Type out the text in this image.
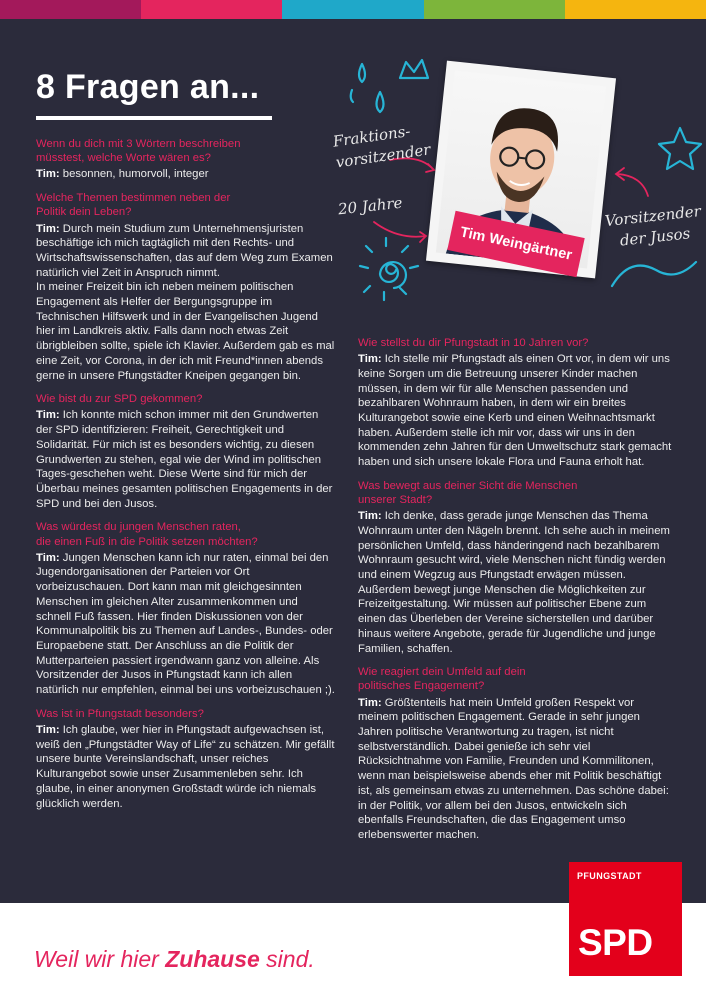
8 Fragen an...
Wenn du dich mit 3 Wörtern beschreiben
müsstest, welche Worte wären es?
Tim: besonnen, humorvoll, integer
Welche Themen bestimmen neben der
Politik dein Leben?
Tim: Durch mein Studium zum Unternehmensjuristen beschäftige ich mich tagtäglich mit den Rechts- und Wirtschaftswissenschaften, das auf dem Weg zum Examen natürlich viel Zeit in Anspruch nimmt.
In meiner Freizeit bin ich neben meinem politischen Engagement als Helfer der Bergungsgruppe im Technischen Hilfswerk und in der Evangelischen Jugend hier im Landkreis aktiv. Falls dann noch etwas Zeit übrigbleiben sollte, spiele ich Klavier. Außerdem gab es mal eine Zeit, vor Corona, in der ich mit Freund*innen abends gerne in unsere Pfungstädter Kneipen gegangen bin.
Wie bist du zur SPD gekommen?
Tim: Ich konnte mich schon immer mit den Grundwerten der SPD identifizieren: Freiheit, Gerechtigkeit und Solidarität. Für mich ist es besonders wichtig, zu diesen Grundwerten zu stehen, egal wie der Wind im politischen Tages-geschehen weht. Diese Werte sind für mich der Überbau meines gesamten politischen Engagements in der SPD und bei den Jusos.
Was würdest du jungen Menschen raten,
die einen Fuß in die Politik setzen möchten?
Tim: Jungen Menschen kann ich nur raten, einmal bei den Jugendorganisationen der Parteien vor Ort vorbeizuschauen. Dort kann man mit gleichgesinnten Menschen im gleichen Alter zusammenkommen und schnell Fuß fassen. Hier finden Diskussionen von der Kommunalpolitik bis zu Themen auf Landes-, Bundes- oder Europaebene statt. Der Anschluss an die Politik der Mutterparteien passiert irgendwann ganz von alleine. Als Vorsitzender der Jusos in Pfungstadt kann ich allen natürlich nur empfehlen, einmal bei uns vorbeizuschauen ;).
Was ist in Pfungstadt besonders?
Tim: Ich glaube, wer hier in Pfungstadt aufgewachsen ist, weiß den „Pfungstädter Way of Life“ zu schätzen. Mir gefällt unsere bunte Vereinslandschaft, unser reiches Kulturangebot sowie unser Zusammenleben sehr. Ich glaube, in einer anonymen Großstadt würde ich niemals glücklich werden.
Wie stellst du dir Pfungstadt in 10 Jahren vor?
Tim: Ich stelle mir Pfungstadt als einen Ort vor, in dem wir uns keine Sorgen um die Betreuung unserer Kinder machen müssen, in dem wir für alle Menschen passenden und bezahlbaren Wohnraum haben, in dem wir ein breites Kulturangebot sowie eine Kerb und einen Weihnachtsmarkt haben. Außerdem stelle ich mir vor, dass wir uns in den kommenden zehn Jahren für den Umweltschutz stark gemacht haben und sich unsere lokale Flora und Fauna erholt hat.
Was bewegt aus deiner Sicht die Menschen
unserer Stadt?
Tim: Ich denke, dass gerade junge Menschen das Thema Wohnraum unter den Nägeln brennt. Ich sehe auch in meinem persönlichen Umfeld, dass händeringend nach bezahlbarem Wohnraum gesucht wird, viele Menschen nicht fündig werden und einem Wegzug aus Pfungstadt erwägen müssen. Außerdem bewegt junge Menschen die Möglichkeiten zur Freizeitgestaltung. Wir müssen auf politischer Ebene zum einen das Überleben der Vereine sicherstellen und darüber hinaus weitere Angebote, gerade für Jugendliche und junge Familien, schaffen.
Wie reagiert dein Umfeld auf dein
politisches Engagement?
Tim: Größtenteils hat mein Umfeld großen Respekt vor meinem politischen Engagement. Gerade in sehr jungen Jahren politische Verantwortung zu tragen, ist nicht selbstverständlich. Dabei genieße ich sehr viel Rücksichtnahme von Familie, Freunden und Kommilitonen, wenn man beispielsweise abends eher mit Politik beschäftigt ist, als gemeinsam etwas zu unternehmen. Das schöne dabei: in der Politik, vor allem bei den Jusos, entwickeln sich ebenfalls Freundschaften, die das Engagement umso erlebenswerter machen.
Tim Weingärtner
Fraktions-
vorsitzender
20 Jahre	Vorsitzender
der Jusos
Weil wir hier Zuhause sind.
PFUNGSTADT
SPD
